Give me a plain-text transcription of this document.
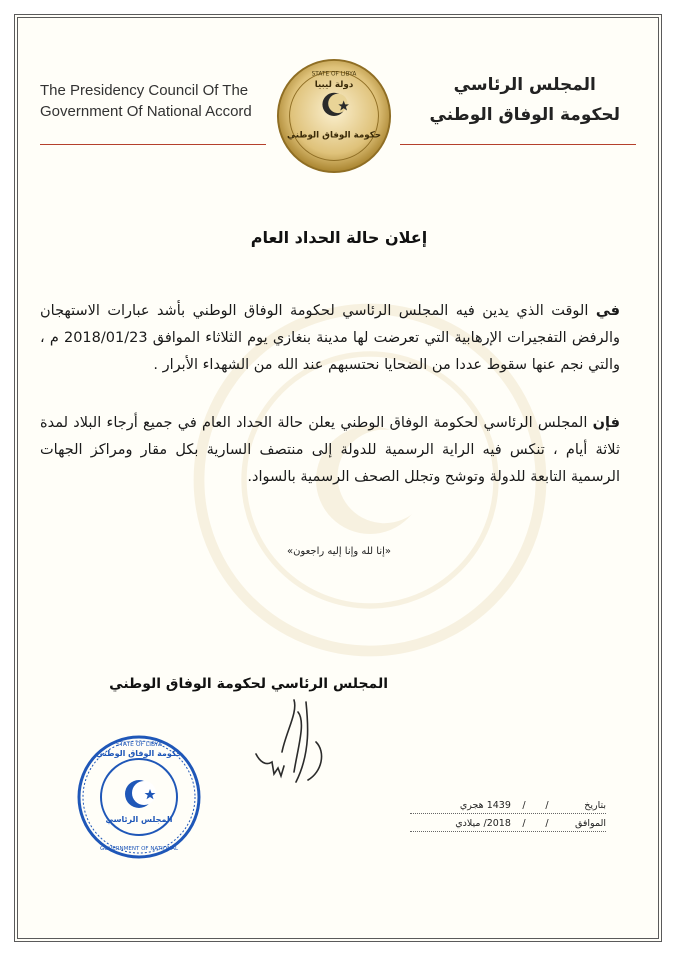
The Presidency Council Of The
Government Of National Accord
STATE OF LIBYA
دولة ليبيا
حكومة الوفاق الوطني
المجلس الرئاسي
لحكومة الوفاق الوطني
إعلان حالة الحداد العام
في الوقت الذي يدين فيه المجلس الرئاسي لحكومة الوفاق الوطني بأشد عبارات الاستهجان والرفض التفجيرات الإرهابية التي تعرضت لها مدينة بنغازي يوم الثلاثاء الموافق 2018/01/23 م ، والتي نجم عنها سقوط عددا من الضحايا نحتسبهم عند الله من الشهداء الأبرار .
فإن المجلس الرئاسي لحكومة الوفاق الوطني يعلن حالة الحداد العام في جميع أرجاء البلاد لمدة ثلاثة أيام ، تنكس فيه الراية الرسمية للدولة إلى منتصف السارية بكل مقار ومراكز الجهات الرسمية التابعة للدولة وتوشح وتجلل الصحف الرسمية بالسواد.
«إنا لله وإنا إليه راجعون»
المجلس الرئاسي لحكومة الوفاق الوطني
STATE OF LIBYA
حكومة الوفاق الوطني
المجلس الرئاسي
GOVERNMENT OF NATIONAL
بتاريخ / / 1439 هجري
الموافق / / 2018/ ميلادي
